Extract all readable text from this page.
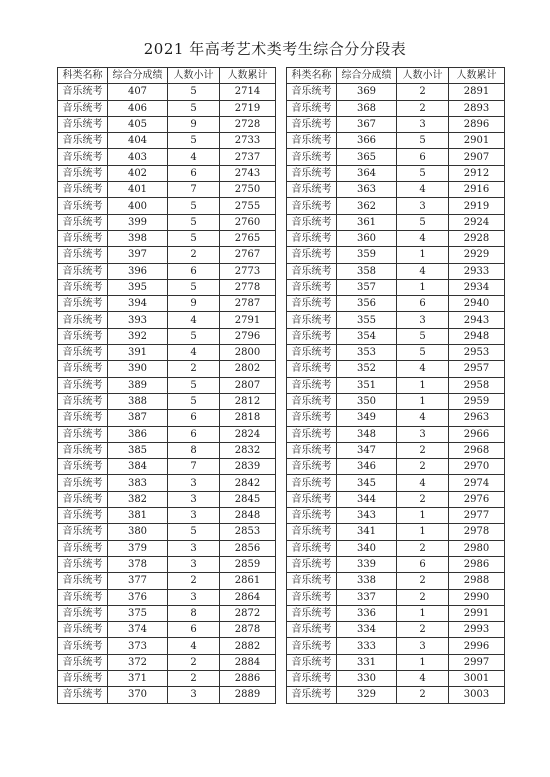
2021 年高考艺术类考生综合分分段表
科类名称	综合分成绩	人数小计	人数累计
音乐统考	407	5	2714
音乐统考	406	5	2719
音乐统考	405	9	2728
音乐统考	404	5	2733
音乐统考	403	4	2737
音乐统考	402	6	2743
音乐统考	401	7	2750
音乐统考	400	5	2755
音乐统考	399	5	2760
音乐统考	398	5	2765
音乐统考	397	2	2767
音乐统考	396	6	2773
音乐统考	395	5	2778
音乐统考	394	9	2787
音乐统考	393	4	2791
音乐统考	392	5	2796
音乐统考	391	4	2800
音乐统考	390	2	2802
音乐统考	389	5	2807
音乐统考	388	5	2812
音乐统考	387	6	2818
音乐统考	386	6	2824
音乐统考	385	8	2832
音乐统考	384	7	2839
音乐统考	383	3	2842
音乐统考	382	3	2845
音乐统考	381	3	2848
音乐统考	380	5	2853
音乐统考	379	3	2856
音乐统考	378	3	2859
音乐统考	377	2	2861
音乐统考	376	3	2864
音乐统考	375	8	2872
音乐统考	374	6	2878
音乐统考	373	4	2882
音乐统考	372	2	2884
音乐统考	371	2	2886
音乐统考	370	3	2889
科类名称	综合分成绩	人数小计	人数累计
音乐统考	369	2	2891
音乐统考	368	2	2893
音乐统考	367	3	2896
音乐统考	366	5	2901
音乐统考	365	6	2907
音乐统考	364	5	2912
音乐统考	363	4	2916
音乐统考	362	3	2919
音乐统考	361	5	2924
音乐统考	360	4	2928
音乐统考	359	1	2929
音乐统考	358	4	2933
音乐统考	357	1	2934
音乐统考	356	6	2940
音乐统考	355	3	2943
音乐统考	354	5	2948
音乐统考	353	5	2953
音乐统考	352	4	2957
音乐统考	351	1	2958
音乐统考	350	1	2959
音乐统考	349	4	2963
音乐统考	348	3	2966
音乐统考	347	2	2968
音乐统考	346	2	2970
音乐统考	345	4	2974
音乐统考	344	2	2976
音乐统考	343	1	2977
音乐统考	341	1	2978
音乐统考	340	2	2980
音乐统考	339	6	2986
音乐统考	338	2	2988
音乐统考	337	2	2990
音乐统考	336	1	2991
音乐统考	334	2	2993
音乐统考	333	3	2996
音乐统考	331	1	2997
音乐统考	330	4	3001
音乐统考	329	2	3003
